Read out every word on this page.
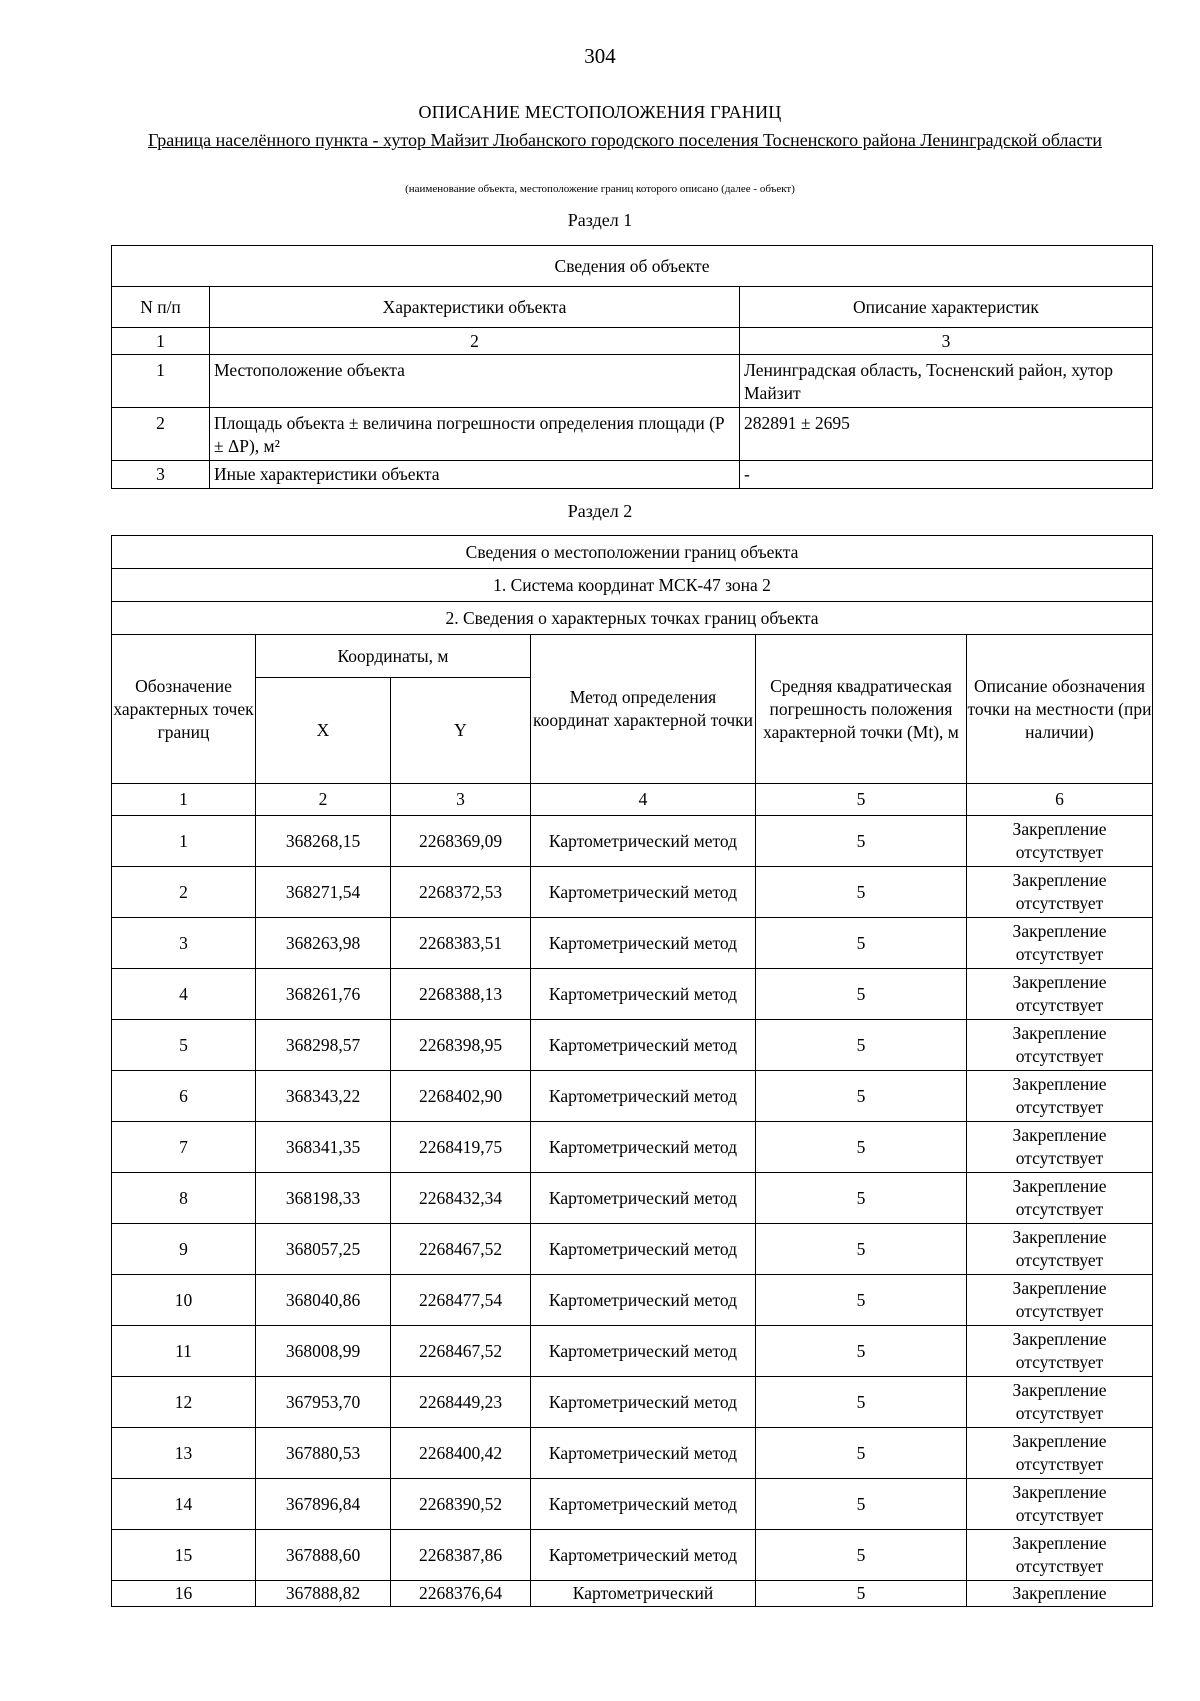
304
ОПИСАНИЕ МЕСТОПОЛОЖЕНИЯ ГРАНИЦ
Граница населённого пункта - хутор Майзит Любанского городского поселения Тосненского района Ленинградской области
(наименование объекта, местоположение границ которого описано (далее - объект)
Раздел 1
Сведения об объекте		
N п/п	Характеристики объекта	Описание характеристик
1	2	3
1	Местоположение объекта	Ленинградская область, Тосненский район, хутор Майзит
2	Площадь объекта ± величина погрешности определения площади (P ± ΔP), м²	282891 ± 2695
3	Иные характеристики объекта	-
Раздел 2
Сведения о местоположении границ объекта					
1. Система координат МСК-47 зона 2					
2. Сведения о характерных точках границ объекта					
Обозначение характерных точек границ	Координаты, м		Метод определения координат характерной точки	Средняя квадратическая погрешность положения характерной точки (Mt), м	Описание обозначения точки на местности (при наличии)
	X	Y			
1	2	3	4	5	6
1	368268,15	2268369,09	Картометрический метод	5	Закрепление отсутствует
2	368271,54	2268372,53	Картометрический метод	5	Закрепление отсутствует
3	368263,98	2268383,51	Картометрический метод	5	Закрепление отсутствует
4	368261,76	2268388,13	Картометрический метод	5	Закрепление отсутствует
5	368298,57	2268398,95	Картометрический метод	5	Закрепление отсутствует
6	368343,22	2268402,90	Картометрический метод	5	Закрепление отсутствует
7	368341,35	2268419,75	Картометрический метод	5	Закрепление отсутствует
8	368198,33	2268432,34	Картометрический метод	5	Закрепление отсутствует
9	368057,25	2268467,52	Картометрический метод	5	Закрепление отсутствует
10	368040,86	2268477,54	Картометрический метод	5	Закрепление отсутствует
11	368008,99	2268467,52	Картометрический метод	5	Закрепление отсутствует
12	367953,70	2268449,23	Картометрический метод	5	Закрепление отсутствует
13	367880,53	2268400,42	Картометрический метод	5	Закрепление отсутствует
14	367896,84	2268390,52	Картометрический метод	5	Закрепление отсутствует
15	367888,60	2268387,86	Картометрический метод	5	Закрепление отсутствует
16	367888,82	2268376,64	Картометрический	5	Закрепление
